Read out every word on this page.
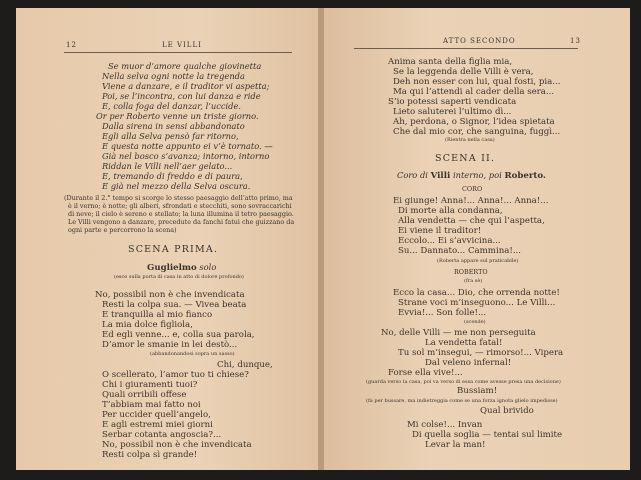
12	LE VILLI
Se muor d’amore qualche giovinetta
Nella selva ogni notte la tregenda
Viene a danzare, e il traditor vi aspetta;
Poi, se l’incontra, con lui danza e ride
E, colla foga del danzar, l’uccide.
Or per Roberto venne un triste giorno.
Dalla sirena in sensi abbandonato
Egli alla Selva pensò far ritorno,
E questa notte appunto ei v’è tornato. —
Già nel bosco s’avanza; intorno, intorno
Riddan le Villi nell’aer gelato...
E, tremando di freddo e di paura,
E già nel mezzo della Selva oscura.
(Durante il 2.° tempo si scorge lo stesso paesaggio dell’atto primo, ma
è il verno; è notte; gli alberi, sfrondati e stecchiti, sono sovraccarichi
di neve; il cielo è sereno e stellato; la luna illumina il tetro paesaggio.
Le Villi vengono a danzare, precedute da fanchi fatui che guizzano da
ogni parte e percorrono la scena)
SCENA PRIMA.
Guglielmo solo
(esce sulla porta di casa in atto di dolore profondo)
No, possibil non è che invendicata
Resti la colpa sua. — Vivea beata
E tranquilla al mio fianco
La mia dolce figliola,
Ed egli venne... e, colla sua parola,
D’amor le smanie in lei destò...
(abbandonandosi sopra un sasso)
Chi, dunque,
O scellerato, l’amor tuo ti chiese?
Chi i giuramenti tuoi?
Quali orribili offese
T’abbiam mai fatto noi
Per uccider quell’angelo,
E agli estremi miei giorni
Serbar cotanta angoscia?...
No, possibil non è che invendicata
Resti colpa sì grande!
ATTO SECONDO	13
Anima santa della figlia mia,
Se la leggenda delle Villi è vera,
Deh non esser con lui, qual fosti, pia...
Ma qui l’attendi al cader della sera...
S’io potessi saperti vendicata
Lieto saluterei l’ultimo dì...
Ah, perdona, o Signor, l’idea spietata
Che dal mio cor, che sanguina, fuggì...
(Rientra nella casa)
SCENA II.
Coro di Villi interno, poi Roberto.
CORO
Ei giunge! Anna!... Anna!... Anna!...
Di morte alla condanna,
Alla vendetta — che qui l’aspetta,
Ei viene il traditor!
Eccolo... Ei s’avvicina...
Su... Dannato... Cammina!...
(Roberta appare sul praticabile)
ROBERTO
(fra sè)
Ecco la casa... Dio, che orrenda notte!
Strane voci m’inseguono... Le Villi...
Evvia!... Son folle!...
(scende)
No, delle Villi — me non perseguita
La vendetta fatal!
Tu sol m’insegui, — rimorso!... Vipera
Dal veleno infernal!
Forse ella vive!...
(guarda verso la casa, poi va verso di essa come avesse presa una decisione)
Bussiam!
(fa per bussare, ma indietreggia come se una forza ignota glielo impedisse)
Qual brivido
Mi colse!... Invan
Di quella soglia — tentai sul limite
Levar la man!
